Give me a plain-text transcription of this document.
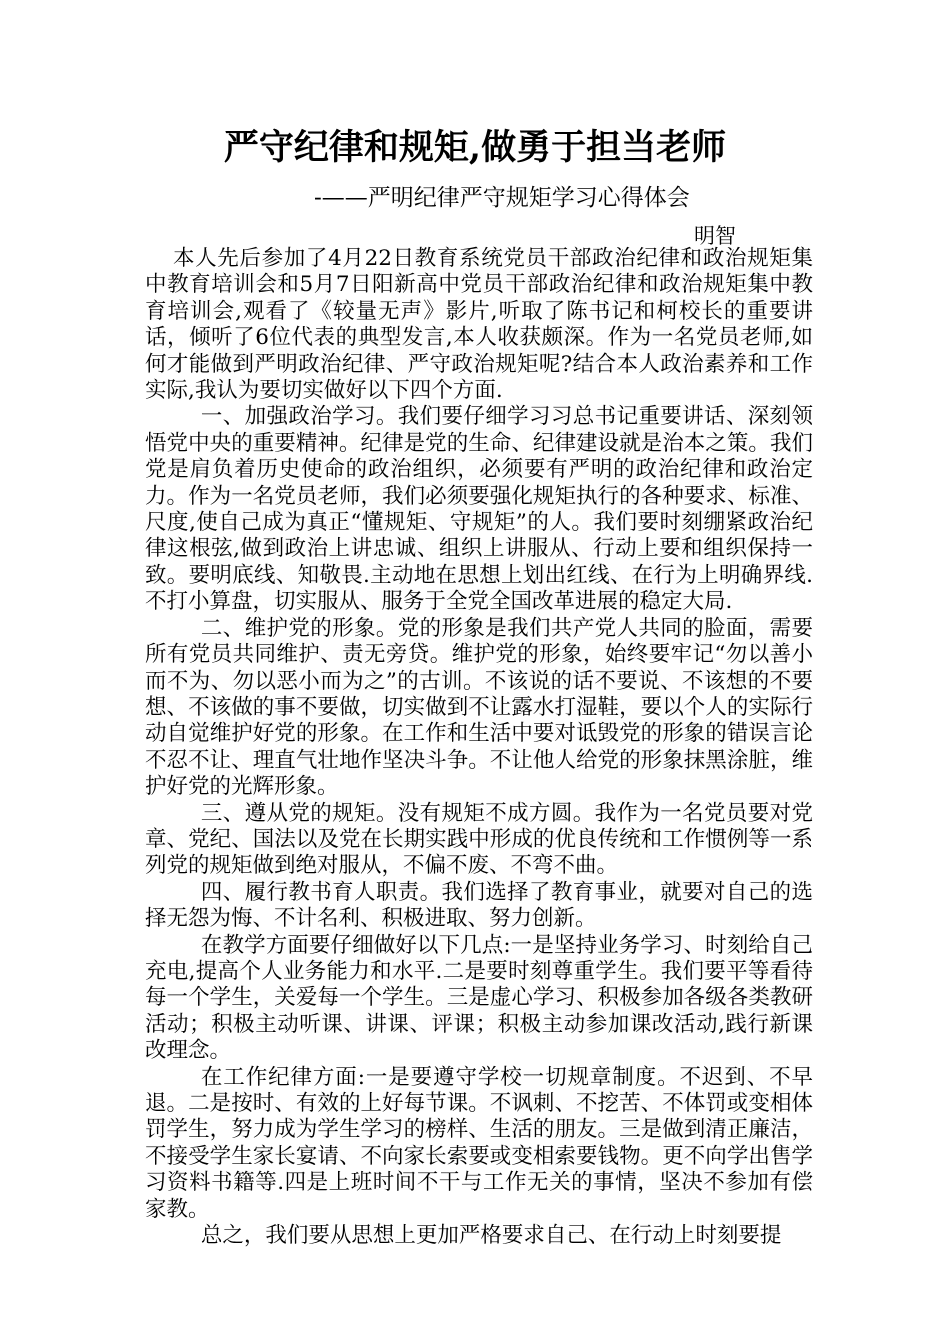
严守纪律和规矩,做勇于担当老师

-——严明纪律严守规矩学习心得体会

明智

本人先后参加了4月22日教育系统党员干部政治纪律和政治规矩集中教育培训会和5月7日阳新高中党员干部政治纪律和政治规矩集中教育培训会,观看了《较量无声》影片,听取了陈书记和柯校长的重要讲话，倾听了6位代表的典型发言,本人收获颇深。作为一名党员老师,如何才能做到严明政治纪律、严守政治规矩呢?结合本人政治素养和工作实际,我认为要切实做好以下四个方面.

一、加强政治学习。我们要仔细学习习总书记重要讲话、深刻领悟党中央的重要精神。纪律是党的生命、纪律建设就是治本之策。我们党是肩负着历史使命的政治组织，必须要有严明的政治纪律和政治定力。作为一名党员老师，我们必须要强化规矩执行的各种要求、标准、尺度,使自己成为真正“懂规矩、守规矩”的人。我们要时刻绷紧政治纪律这根弦,做到政治上讲忠诚、组织上讲服从、行动上要和组织保持一致。要明底线、知敬畏.主动地在思想上划出红线、在行为上明确界线.不打小算盘，切实服从、服务于全党全国改革进展的稳定大局.

二、维护党的形象。党的形象是我们共产党人共同的脸面，需要所有党员共同维护、责无旁贷。维护党的形象，始终要牢记“勿以善小而不为、勿以恶小而为之”的古训。不该说的话不要说、不该想的不要想、不该做的事不要做，切实做到不让露水打湿鞋，要以个人的实际行动自觉维护好党的形象。在工作和生活中要对诋毁党的形象的错误言论不忍不让、理直气壮地作坚决斗争。不让他人给党的形象抹黑涂脏，维护好党的光辉形象。

三、遵从党的规矩。没有规矩不成方圆。我作为一名党员要对党章、党纪、国法以及党在长期实践中形成的优良传统和工作惯例等一系列党的规矩做到绝对服从，不偏不废、不弯不曲。

四、履行教书育人职责。我们选择了教育事业，就要对自己的选择无怨为悔、不计名利、积极进取、努力创新。

在教学方面要仔细做好以下几点:一是坚持业务学习、时刻给自己充电,提高个人业务能力和水平.二是要时刻尊重学生。我们要平等看待每一个学生，关爱每一个学生。三是虚心学习、积极参加各级各类教研活动；积极主动听课、讲课、评课；积极主动参加课改活动,践行新课改理念。

在工作纪律方面:一是要遵守学校一切规章制度。不迟到、不早退。二是按时、有效的上好每节课。不讽刺、不挖苦、不体罚或变相体罚学生，努力成为学生学习的榜样、生活的朋友。三是做到清正廉洁，不接受学生家长宴请、不向家长索要或变相索要钱物。更不向学出售学习资料书籍等.四是上班时间不干与工作无关的事情，坚决不参加有偿家教。

总之，我们要从思想上更加严格要求自己、在行动上时刻要提
